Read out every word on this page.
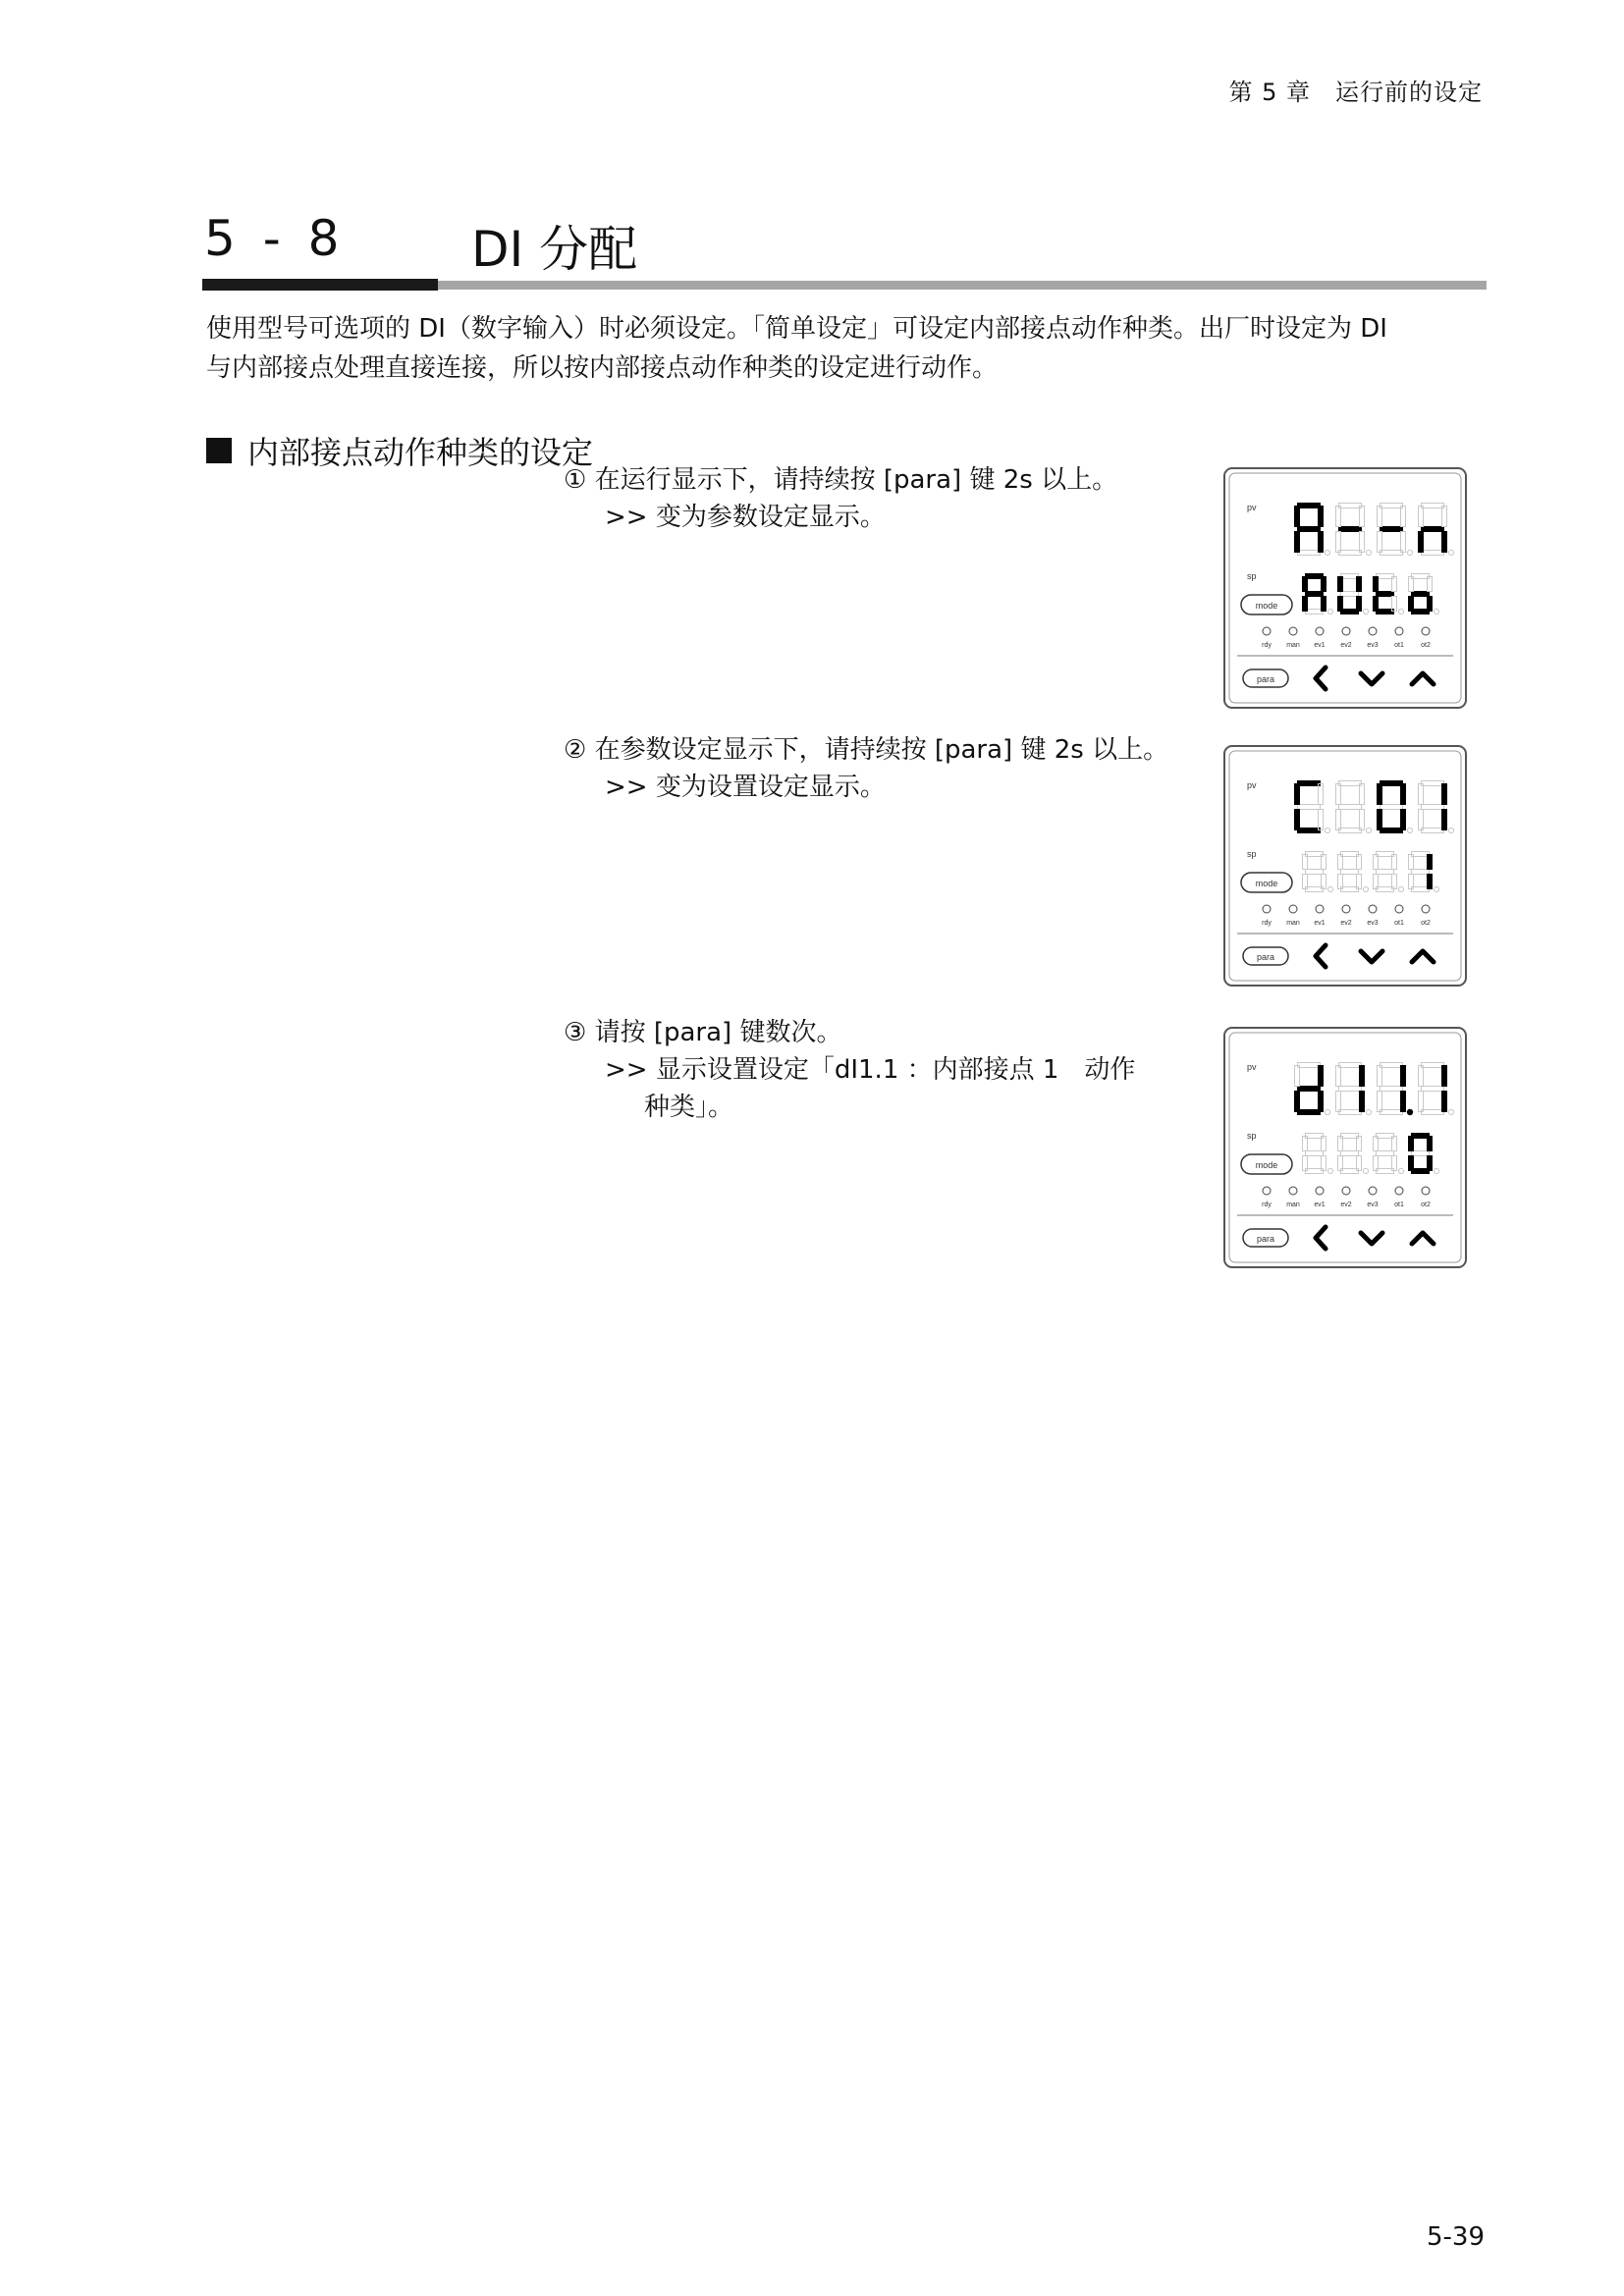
第 5 章　运行前的设定
5 - 8	DI 分配

使用型号可选项的 DI（数字输入）时必须设定。「简单设定」可设定内部接点动作种类。出厂时设定为 DI

与内部接点处理直接连接，所以按内部接点动作种类的设定进行动作。

内部接点动作种类的设定

① 在运行显示下，请持续按 [para] 键 2s 以上。

>> 变为参数设定显示。

② 在参数设定显示下，请持续按 [para] 键 2s 以上。

>> 变为设置设定显示。

③ 请按 [para] 键数次。

>> 显示设置设定「dI1.1 ：内部接点 1　动作

种类」。

pv
sp
mode
rdy man ev1 ev2 ev3 ot1 ot2
para
pv
sp
mode
rdy man ev1 ev2 ev3 ot1 ot2
para
pv
sp
mode
rdy man ev1 ev2 ev3 ot1 ot2
para
5-39
